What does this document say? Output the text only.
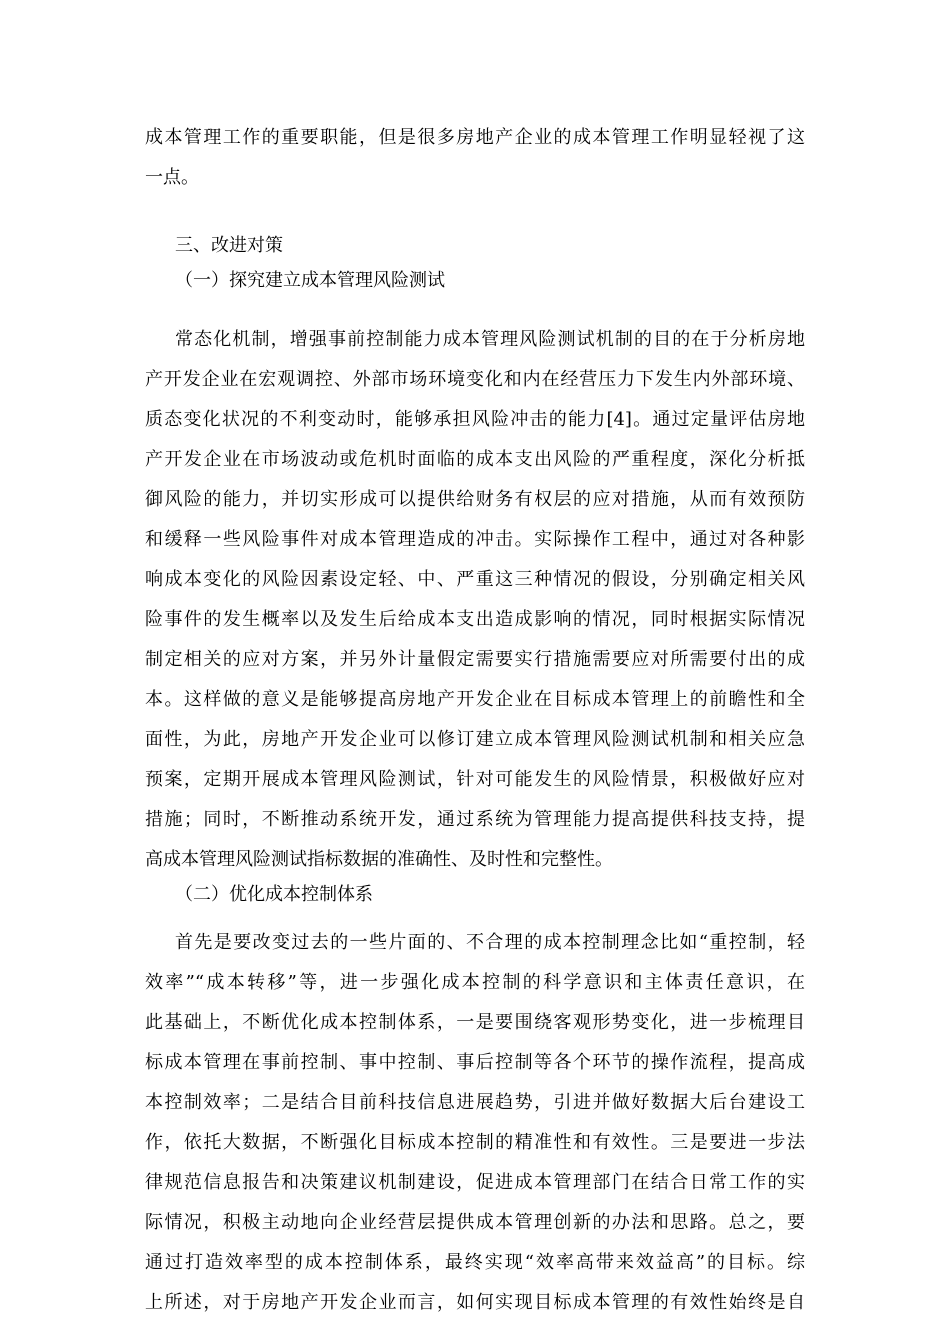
成本管理工作的重要职能，但是很多房地产企业的成本管理工作明显轻视了这
一点。
三、改进对策
（一）探究建立成本管理风险测试
常态化机制，增强事前控制能力成本管理风险测试机制的目的在于分析房地
产开发企业在宏观调控、外部市场环境变化和内在经营压力下发生内外部环境、
质态变化状况的不利变动时，能够承担风险冲击的能力[4]。通过定量评估房地
产开发企业在市场波动或危机时面临的成本支出风险的严重程度，深化分析抵
御风险的能力，并切实形成可以提供给财务有权层的应对措施，从而有效预防
和缓释一些风险事件对成本管理造成的冲击。实际操作工程中，通过对各种影
响成本变化的风险因素设定轻、中、严重这三种情况的假设，分别确定相关风
险事件的发生概率以及发生后给成本支出造成影响的情况，同时根据实际情况
制定相关的应对方案，并另外计量假定需要实行措施需要应对所需要付出的成
本。这样做的意义是能够提高房地产开发企业在目标成本管理上的前瞻性和全
面性，为此，房地产开发企业可以修订建立成本管理风险测试机制和相关应急
预案，定期开展成本管理风险测试，针对可能发生的风险情景，积极做好应对
措施；同时，不断推动系统开发，通过系统为管理能力提高提供科技支持，提
高成本管理风险测试指标数据的准确性、及时性和完整性。
（二）优化成本控制体系
首先是要改变过去的一些片面的、不合理的成本控制理念比如“重控制，轻
效率”“成本转移”等，进一步强化成本控制的科学意识和主体责任意识，在
此基础上，不断优化成本控制体系，一是要围绕客观形势变化，进一步梳理目
标成本管理在事前控制、事中控制、事后控制等各个环节的操作流程，提高成
本控制效率；二是结合目前科技信息进展趋势，引进并做好数据大后台建设工
作，依托大数据，不断强化目标成本控制的精准性和有效性。三是要进一步法
律规范信息报告和决策建议机制建设，促进成本管理部门在结合日常工作的实
际情况，积极主动地向企业经营层提供成本管理创新的办法和思路。总之，要
通过打造效率型的成本控制体系，最终实现“效率高带来效益高”的目标。综
上所述，对于房地产开发企业而言，如何实现目标成本管理的有效性始终是自
